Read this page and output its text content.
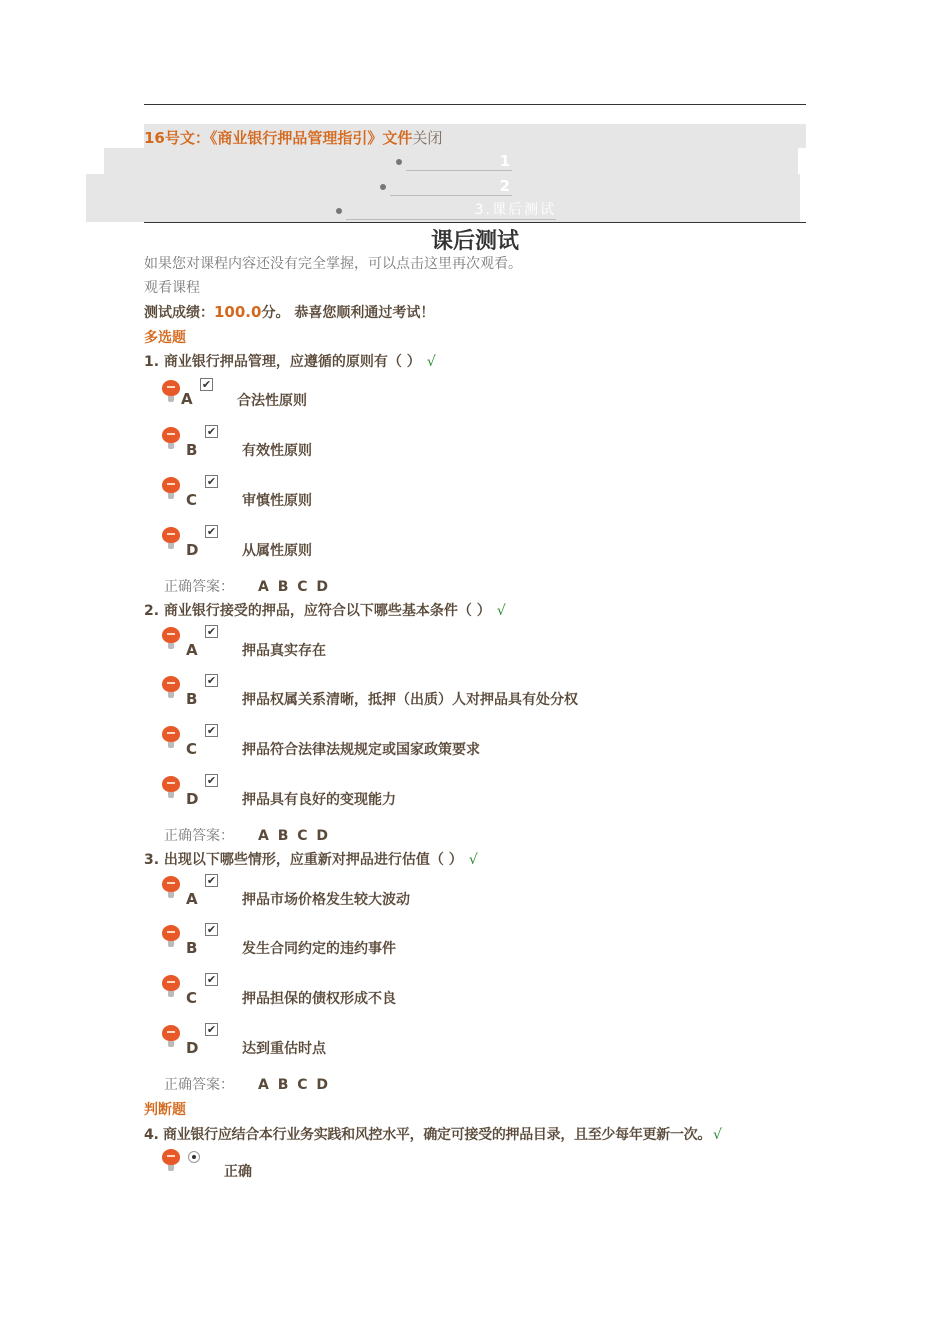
16号文：《商业银行押品管理指引》文件关闭
1
2
3.课后测试
课后测试
如果您对课程内容还没有完全掌握，可以点击这里再次观看。
观看课程
测试成绩：100.0分。 恭喜您顺利通过考试！
多选题
1. 商业银行押品管理，应遵循的原则有（ ） √
A
✔
合法性原则
B
✔
有效性原则
C
✔
审慎性原则
D
✔
从属性原则
正确答案： A B C D
2. 商业银行接受的押品，应符合以下哪些基本条件（ ） √
A
✔
押品真实存在
B
✔
押品权属关系清晰，抵押（出质）人对押品具有处分权
C
✔
押品符合法律法规规定或国家政策要求
D
✔
押品具有良好的变现能力
正确答案： A B C D
3. 出现以下哪些情形，应重新对押品进行估值（ ） √
A
✔
押品市场价格发生较大波动
B
✔
发生合同约定的违约事件
C
✔
押品担保的债权形成不良
D
✔
达到重估时点
正确答案： A B C D
判断题
4. 商业银行应结合本行业务实践和风控水平，确定可接受的押品目录，且至少每年更新一次。 √
正确
